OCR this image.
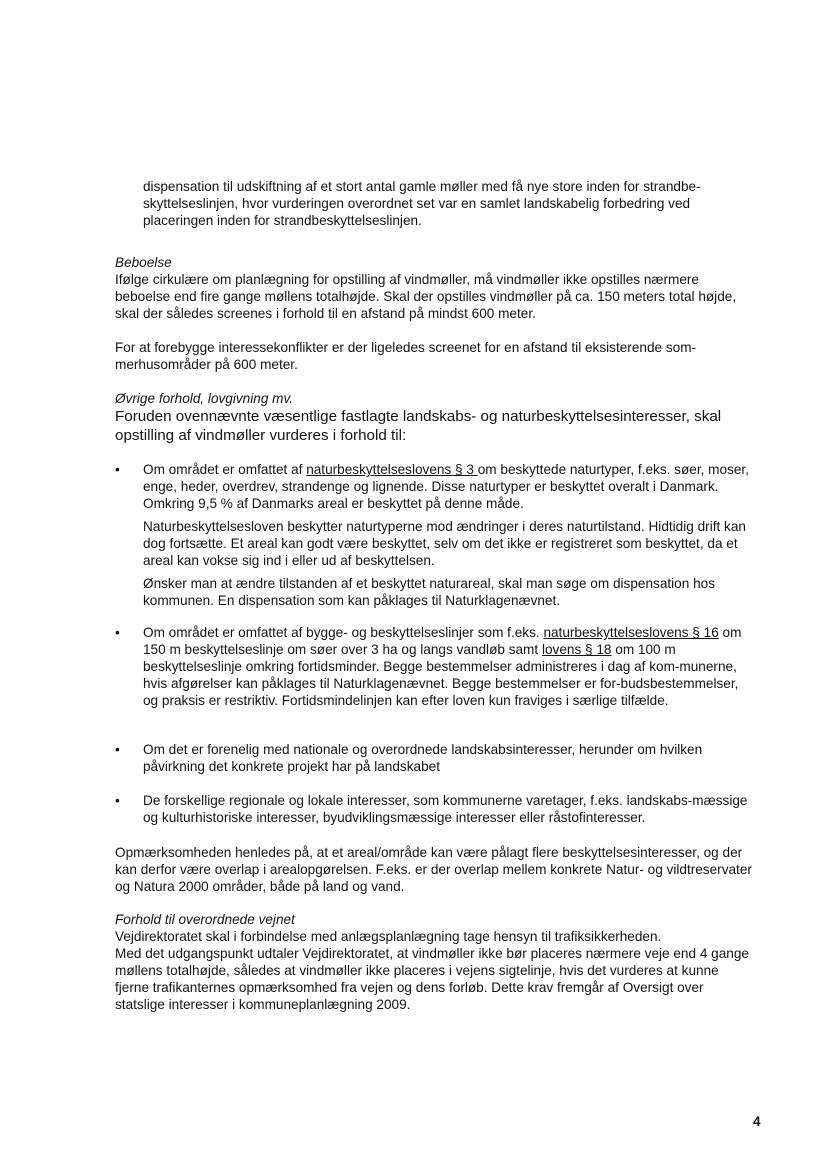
dispensation til udskiftning af et stort antal gamle møller med få nye store inden for strandbe-skyttelseslinjen, hvor vurderingen overordnet set var en samlet landskabelig forbedring ved placeringen inden for strandbeskyttelseslinjen.

Beboelse

Ifølge cirkulære om planlægning for opstilling af vindmøller, må vindmøller ikke opstilles nærmere beboelse end fire gange møllens totalhøjde. Skal der opstilles vindmøller på ca. 150 meters total højde, skal der således screenes i forhold til en afstand på mindst 600 meter.

For at forebygge interessekonflikter er der ligeledes screenet for en afstand til eksisterende som-merhusområder på 600 meter.

Øvrige forhold, lovgivning mv.

Foruden ovennævnte væsentlige fastlagte landskabs- og naturbeskyttelsesinteresser, skal opstilling af vindmøller vurderes i forhold til:

• Om området er omfattet af naturbeskyttelseslovens § 3 om beskyttede naturtyper, f.eks. søer, moser, enge, heder, overdrev, strandenge og lignende. Disse naturtyper er beskyttet overalt i Danmark. Omkring 9,5 % af Danmarks areal er beskyttet på denne måde.

Naturbeskyttelsesloven beskytter naturtyperne mod ændringer i deres naturtilstand. Hidtidig drift kan dog fortsætte. Et areal kan godt være beskyttet, selv om det ikke er registreret som beskyttet, da et areal kan vokse sig ind i eller ud af beskyttelsen.

Ønsker man at ændre tilstanden af et beskyttet naturareal, skal man søge om dispensation hos kommunen. En dispensation som kan påklages til Naturklagenævnet.

• Om området er omfattet af bygge- og beskyttelseslinjer som f.eks. naturbeskyttelseslovens § 16 om 150 m beskyttelseslinje om søer over 3 ha og langs vandløb samt lovens § 18 om 100 m beskyttelseslinje omkring fortidsminder. Begge bestemmelser administreres i dag af kom-munerne, hvis afgørelser kan påklages til Naturklagenævnet. Begge bestemmelser er for-budsbestemmelser, og praksis er restriktiv. Fortidsmindelinjen kan efter loven kun fraviges i særlige tilfælde.

• Om det er forenelig med nationale og overordnede landskabsinteresser, herunder om hvilken påvirkning det konkrete projekt har på landskabet

• De forskellige regionale og lokale interesser, som kommunerne varetager, f.eks. landskabs-mæssige og kulturhistoriske interesser, byudviklingsmæssige interesser eller råstofinteresser.

Opmærksomheden henledes på, at et areal/område kan være pålagt flere beskyttelsesinteresser, og der kan derfor være overlap i arealopgørelsen. F.eks. er der overlap mellem konkrete Natur- og vildtreservater og Natura 2000 områder, både på land og vand.

Forhold til overordnede vejnet

Vejdirektoratet skal i forbindelse med anlægsplanlægning tage hensyn til trafiksikkerheden.

Med det udgangspunkt udtaler Vejdirektoratet, at vindmøller ikke bør placeres nærmere veje end 4 gange møllens totalhøjde, således at vindmøller ikke placeres i vejens sigtelinje, hvis det vurderes at kunne fjerne trafikanternes opmærksomhed fra vejen og dens forløb. Dette krav fremgår af Oversigt over statslige interesser i kommuneplanlægning 2009.

4
